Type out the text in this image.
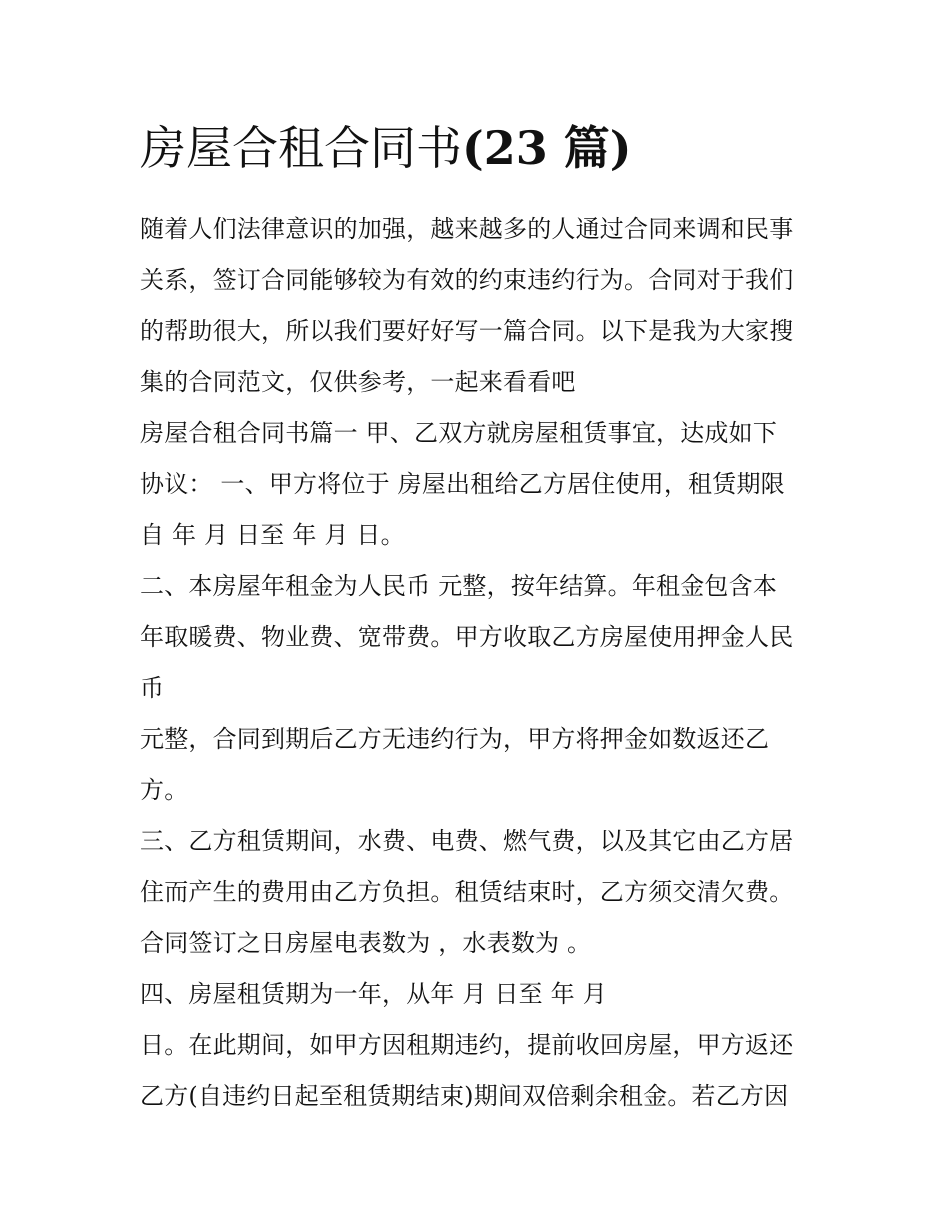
房屋合租合同书(23 篇)
随着人们法律意识的加强，越来越多的人通过合同来调和民事
关系，签订合同能够较为有效的约束违约行为。合同对于我们
的帮助很大，所以我们要好好写一篇合同。以下是我为大家搜
集的合同范文，仅供参考，一起来看看吧
房屋合租合同书篇一 甲、乙双方就房屋租赁事宜，达成如下
协议： 一、甲方将位于 房屋出租给乙方居住使用，租赁期限
自 年 月 日至 年 月 日。
二、本房屋年租金为人民币 元整，按年结算。年租金包含本
年取暖费、物业费、宽带费。甲方收取乙方房屋使用押金人民
币
元整，合同到期后乙方无违约行为，甲方将押金如数返还乙
方。
三、乙方租赁期间，水费、电费、燃气费，以及其它由乙方居
住而产生的费用由乙方负担。租赁结束时，乙方须交清欠费。
合同签订之日房屋电表数为 ，水表数为 。
四、房屋租赁期为一年，从年 月 日至 年 月
日。在此期间，如甲方因租期违约，提前收回房屋，甲方返还
乙方(自违约日起至租赁期结束)期间双倍剩余租金。若乙方因
